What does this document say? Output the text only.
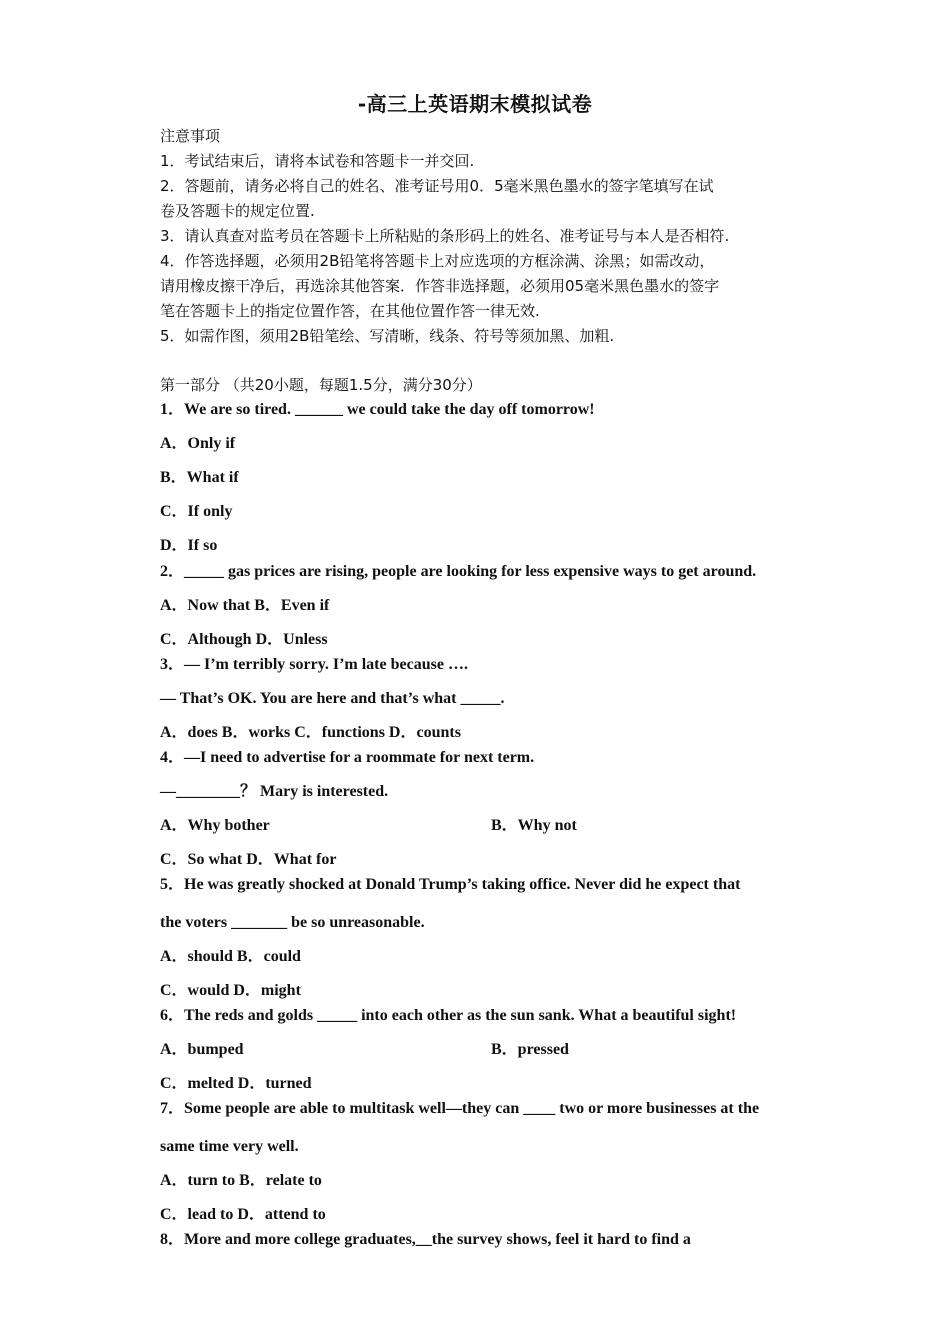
-高三上英语期末模拟试卷
注意事项
1．考试结束后，请将本试卷和答题卡一并交回.
2．答题前，请务必将自己的姓名、准考证号用0．5毫米黑色墨水的签字笔填写在试
卷及答题卡的规定位置.
3．请认真查对监考员在答题卡上所粘贴的条形码上的姓名、准考证号与本人是否相符.
4．作答选择题，必须用2B铅笔将答题卡上对应选项的方框涂满、涂黑；如需改动，
请用橡皮擦干净后，再选涂其他答案．作答非选择题，必须用05毫米黑色墨水的签字
笔在答题卡上的指定位置作答，在其他位置作答一律无效.
5．如需作图，须用2B铅笔绘、写清晰，线条、符号等须加黑、加粗.
第一部分 （共20小题，每题1.5分，满分30分）
1．We are so tired. ______ we could take the day off tomorrow!
A．Only if
B．What if
C．If only
D．If so
2．_____ gas prices are rising, people are looking for less expensive ways to get around.
A．Now that B．Even if
C．Although D．Unless
3．— I’m terribly sorry. I’m late because ….
— That’s OK. You are here and that’s what _____.
A．does B．works C．functions D．counts
4．—I need to advertise for a roommate for next term.
—________？ Mary is interested.
A．Why bother	B．Why not
C．So what D．What for
5．He was greatly shocked at Donald Trump’s taking office. Never did he expect that
the voters _______ be so unreasonable.
A．should B．could
C．would D．might
6．The reds and golds _____ into each other as the sun sank. What a beautiful sight!
A．bumped	B．pressed
C．melted D．turned
7．Some people are able to multitask well—they can ____ two or more businesses at the
same time very well.
A．turn to B．relate to
C．lead to D．attend to
8．More and more college graduates,__the survey shows, feel it hard to find a
